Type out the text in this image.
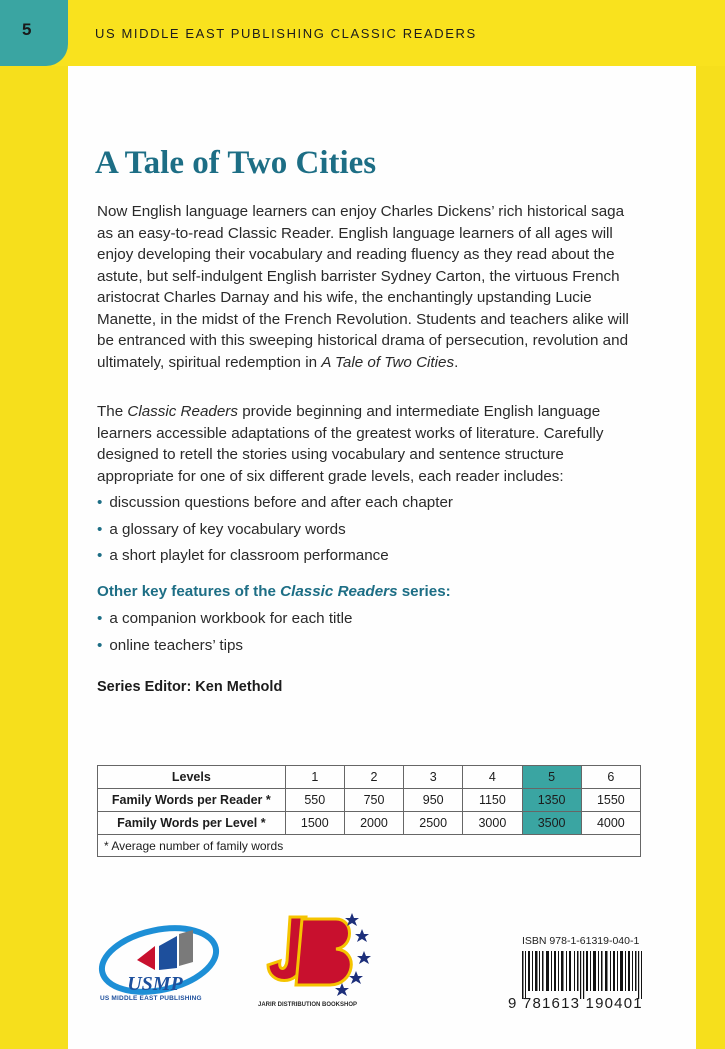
5	US MIDDLE EAST PUBLISHING CLASSIC READERS
A Tale of Two Cities

Now English language learners can enjoy Charles Dickens’ rich historical saga as an easy-to-read Classic Reader. English language learners of all ages will enjoy developing their vocabulary and reading fluency as they read about the astute, but self-indulgent English barrister Sydney Carton, the virtuous French aristocrat Charles Darnay and his wife, the enchantingly upstanding Lucie Manette, in the midst of the French Revolution. Students and teachers alike will be entranced with this sweeping historical drama of persecution, revolution and ultimately, spiritual redemption in A Tale of Two Cities.

The Classic Readers provide beginning and intermediate English language learners accessible adaptations of the greatest works of literature. Carefully designed to retell the stories using vocabulary and sentence structure appropriate for one of six different grade levels, each reader includes:

• discussion questions before and after each chapter
• a glossary of key vocabulary words
• a short playlet for classroom performance
Other key features of the Classic Readers series:
• a companion workbook for each title
• online teachers’ tips
Series Editor: Ken Methold
Levels	1	2	3	4	5	6
Family Words per Reader *	550	750	950	1150	1350	1550
Family Words per Level *	1500	2000	2500	3000	3500	4000
* Average number of family words						
USMP
US MIDDLE EAST PUBLISHING
JARIR DISTRIBUTION BOOKSHOP
ISBN 978-1-61319-040-1
9 781613 190401
